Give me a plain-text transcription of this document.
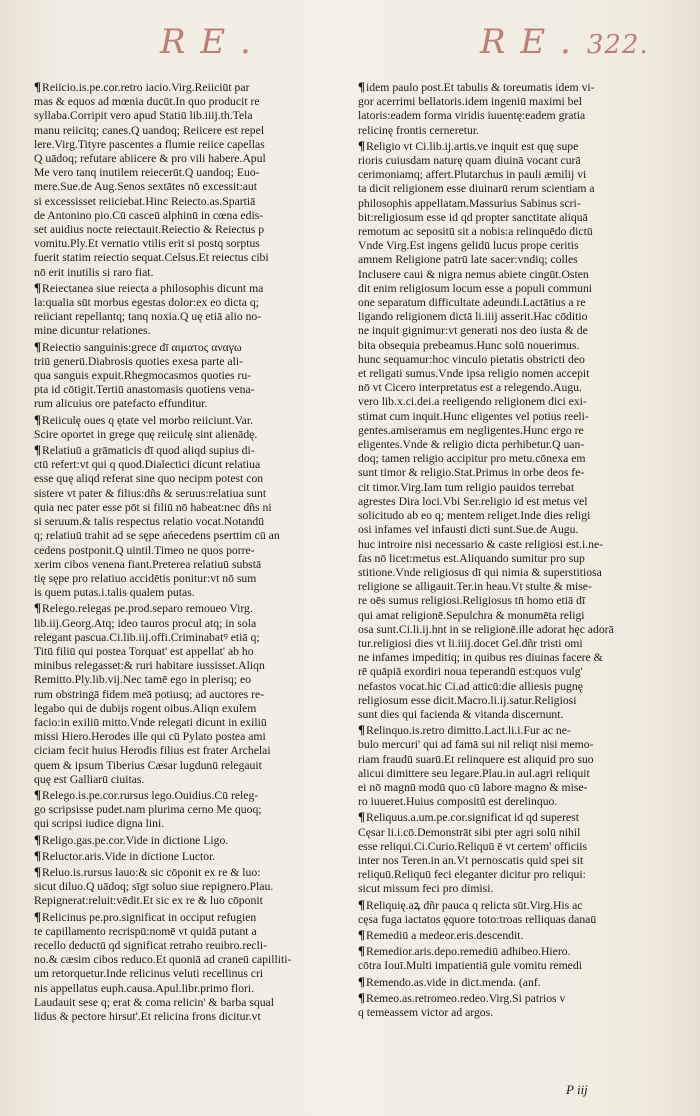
R E .	R E . 322.
¶Reiicio.is.pe.cor.retro iacio.Virg.Reiiciūt par
mas & equos ad mœnia ducūt.In quo producit re
syllaba.Corripit vero apud Statiū lib.iiij.th.Tela
manu reiicitq; canes.Q uandoq; Reiicere est repel
lere.Virg.Tityre pascentes a flumie reiice capellas
Q uādoq; refutare abiicere & pro vili habere.Apul
Me vero tanq inutilem reiecerūt.Q uandoq; Euo-
mere.Sue.de Aug.Senos sextātes nō excessit:aut
si excessisset reiiciebat.Hinc Reiecto.as.Spartiā
de Antonino pio.Cū casceū alphinū in cœna edis-
set auidius nocte reiectauit.Reiectio & Reiectus p
vomitu.Ply.Et vernatio vtilis erit si postq sorptus
fuerit statim reiectio sequat.Celsus.Et reiectus cibi
nō erit inutilis si raro fiat.
¶Reiectanea siue reiecta a philosophis dicunt ma
la:qualia sūt morbus egestas dolor:ex eo dicta q;
reiiciant repellantq; tanq noxia.Q uę etiā alio no-
mine dicuntur relationes.
¶Reiectio sanguinis:grece dī αιματος αναγω
triū generū.Diabrosis quoties exesa parte ali-
qua sanguis expuit.Rhegmocasmos quoties ru-
pta id cōtigit.Tertiū anastomasis quotiens vena-
rum alicuius ore patefacto effunditur.
¶Reiiculę oues q ętate vel morbo reiiciunt.Var.
Scire oportet in grege quę reiiculę sint alienādę.
¶Relatiuū a grāmaticis dī quod aliqd supius di-
ctū refert:vt qui q quod.Dialectici dicunt relatiua
esse quę aliqd referat sine quo necipm potest con
sistere vt pater & filius:dñs & seruus:relatiua sunt
quia nec pater esse pōt si filiū nō habeat:nec dñs ni
si seruum.& talis respectus relatio vocat.Notandū
q; relatiuū trahit ad se sępe ańecedens pserttim cū an
cedens postponit.Q uintil.Timeo ne quos porre-
xerim cibos venena fiant.Preterea relatiuū substā
tię sępe pro relatiuo accidētis ponitur:vt nō sum
is quem putas.i.talis qualem putas.
¶Relego.relegas pe.prod.separo remoueo Virg.
lib.iij.Georg.Atq; ideo tauros procul atq; in sola
relegant pascua.Ci.lib.iij.offi.Criminabatꝰ etiā q;
Titū filiū qui postea Torquat' est appellat' ab ho
minibus relegasset:& ruri habitare iussisset.Aliqn
Remitto.Ply.lib.vij.Nec tamē ego in plerisq; eo
rum obstringā fidem meā potiusq; ad auctores re-
legabo qui de dubijs rogent oibus.Aliqn exulem
facio:in exiliū mitto.Vnde relegati dicunt in exiliū
missi Hiero.Herodes ille qui cū Pylato postea ami
ciciam fecit huius Herodis filius est frater Archelai
quem & ipsum Tiberius Cæsar lugdunū relegauit
quę est Galliarū ciuitas.
¶Relego.is.pe.cor.rursus lego.Ouidius.Cū releg-
go scripsisse pudet.nam plurima cerno Me quoq;
qui scripsi iudice digna lini.
¶Religo.gas.pe.cor.Vide in dictione Ligo.
¶Reluctor.aris.Vide in dictione Luctor.
¶Reluo.is.rursus lauo:& sic cōponit ex re & luo:
sicut diluo.Q uādoq; sīgt soluo siue repignero.Plau.
Repignerat:reluit:vēdit.Et sic ex re & luo cōponit
¶Relicinus pe.pro.significat in occiput refugien
te capillamento recrispū:nomē vt quidā putant a
recello deductū qd significat retraho reuibro.recli-
no.& cæsim cibos reduco.Et quoniā ad craneū capilliti-
um retorquetur.Inde relicinus veluti recellinus cri
nis appellatus euph.causa.Apul.libr.primo flori.
Laudauit sese q; erat & coma relicin' & barba squal
lidus & pectore hirsut'.Et relicina frons dicitur.vt
¶idem paulo post.Et tabulis & toreumatis idem vi-
gor acerrimi bellatoris.idem ingeniū maximi bel
latoris:eadem forma viridis iuuentę:eadem gratia
relicinę frontis cerneretur.
¶Religio vt Ci.lib.ij.artis.ve inquit est quę supe
rioris cuiusdam naturę quam diuinā vocant curā
cerimoniamq; affert.Plutarchus in pauli æmilij vi
ta dicit religionem esse diuinarū rerum scientiam a
philosophis appellatam.Massurius Sabinus scri-
bit:religiosum esse id qd propter sanctitate aliquā
remotum ac sepositū sit a nobis:a relinquēdo dictū
Vnde Virg.Est ingens gelidū lucus prope ceritis
amnem Religione patrū late sacer:vndiq; colles
Inclusere caui & nigra nemus abiete cingūt.Osten
dit enim religiosum locum esse a populi communi
one separatum difficultate adeundi.Lactātius a re
ligando religionem dictā li.iiij asserit.Hac cōditio
ne inquit gignimur:vt generati nos deo iusta & de
bita obsequia prebeamus.Hunc solū nouerimus.
hunc sequamur:hoc vinculo pietatis obstricti deo
et religati sumus.Vnde ipsa religio nomen accepit
nō vt Cicero interpretatus est a relegendo.Augu.
vero lib.x.ci.dei.a reeligendo religionem dici exi-
stimat cum inquit.Hunc eligentes vel potius reeli-
gentes.amiseramus em negligentes.Hunc ergo re
eligentes.Vnde & religio dicta perhibetur.Q uan-
doq; tamen religio accipitur pro metu.cōnexa em
sunt timor & religio.Stat.Primus in orbe deos fe-
cit timor.Virg.Iam tum religio pauidos terrebat
agrestes Dira loci.Vbi Ser.religio id est metus vel
solicitudo ab eo q; mentem religet.Inde dies religi
osi infames vel infausti dicti sunt.Sue.de Augu.
huc introire nisi necessario & caste religiosi est.i.ne-
fas nō licet:metus est.Aliquando sumitur pro sup
stitione.Vnde religiosus dī qui nimia & superstitiosa
religione se alligauit.Ter.in heau.Vt stulte & mise-
re oēs sumus religiosi.Religiosus tn̄ homo etiā dī
qui amat religionē.Sepulchra & monumēta religi
osa sunt.Ci.li.ij.hnt in se religionē.ille adorat hęc adorā
tur.religiosi dies vt li.iiij.docet Gel.dñr tristi omi
ne infames impeditiq; in quibus res diuinas facere &
rē quāpiā exordiri noua teperandū est:quos vulg'
nefastos vocat.hic Ci.ad atticū:die alliesis pugnę
religiosum esse dicit.Macro.li.ij.satur.Religiosi
sunt dies qui facienda & vitanda discernunt.
¶Relinquo.is.retro dimitto.Lact.li.i.Fur ac ne-
bulo mercuri' qui ad famā sui nil reliqt nisi memo-
riam fraudū suarū.Et relinquere est aliquid pro suo
alicui dimittere seu legare.Plau.in aul.agri reliquit
ei nō magnū modū quo cū labore magno & mise-
ro iuueret.Huius compositū est derelinquo.
¶Reliquus.a.um.pe.cor.significat id qd superest
Cęsar li.i.cō.Demonstrāt sibi pter agri solū nihil
esse reliqui.Ci.Curio.Reliquū ē vt certem' officiis
inter nos Teren.in an.Vt pernoscatis quid spei sit
reliquū.Reliquū feci eleganter dicitur pro reliqui:
sicut missum feci pro dimisi.
¶Reliquię.aꝝ dñr pauca q relicta sūt.Virg.His ac
cęsa fuga iactatos ęquore toto:troas relliquas danaū
¶Remediū a medeor.eris.descendit.
¶Remedior.aris.depo.remediū adhibeo.Hiero.
cōtra Iouī.Multi impatientiā gule vomitu remedi
¶Remendo.as.vide in dict.menda. (anf.
¶Remeo.as.retromeo.redeo.Virg.Si patrios v
q temeassem victor ad argos.
P iij
